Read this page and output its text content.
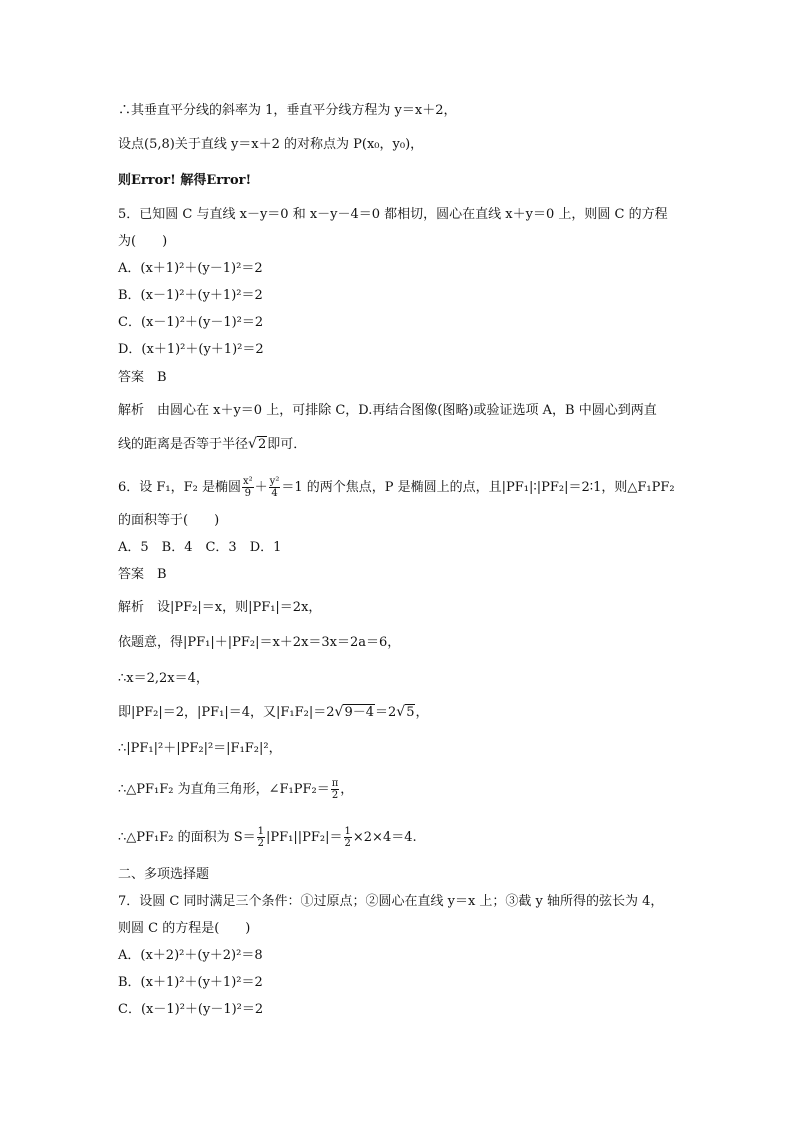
∴其垂直平分线的斜率为 1，垂直平分线方程为 y＝x＋2，
设点(5,8)关于直线 y＝x＋2 的对称点为 P(x₀，y₀)，
则Error! 解得Error!
5．已知圆 C 与直线 x－y＝0 和 x－y－4＝0 都相切，圆心在直线 x＋y＝0 上，则圆 C 的方程
为(　　)
A．(x＋1)²＋(y－1)²＝2
B．(x－1)²＋(y＋1)²＝2
C．(x－1)²＋(y－1)²＝2
D．(x＋1)²＋(y＋1)²＝2
答案　B
解析　由圆心在 x＋y＝0 上，可排除 C，D.再结合图像(图略)或验证选项 A，B 中圆心到两直
线的距离是否等于半径 √ 2 即可．
6．设 F₁，F₂ 是椭圆 $\frac{\text{x²}}{9} + \frac{\text{y²}}{4} =1$ 的两个焦点，P 是椭圆上的点，且|PF₁|∶|PF₂|＝2∶1，则△F₁PF₂
的面积等于(　　)
A．5　B．4　C．3　D．1
答案　B
解析　设|PF₂|＝x，则|PF₁|＝2x，
依题意，得|PF₁|＋|PF₂|＝x＋2x＝3x＝2a＝6，
∴x＝2,2x＝4，
即|PF₂|＝2，|PF₁|＝4，又|F₁F₂|＝2 √ 9－4 ＝2 √ 5 ，
∴|PF₁|²＋|PF₂|²＝|F₁F₂|²，
∴△PF₁F₂ 为直角三角形，∠F₁PF₂＝ $\frac{\pi}{2}$ ，
∴△PF₁F₂ 的面积为 $S= \frac{1}{2} |PF_1||PF_2|= \frac{1}{2} \times 2\times 4=4$.
二、多项选择题
7．设圆 C 同时满足三个条件：①过原点；②圆心在直线 y＝x 上；③截 y 轴所得的弦长为 4，
则圆 C 的方程是(　　)
A．(x＋2)²＋(y＋2)²＝8
B．(x＋1)²＋(y＋1)²＝2
C．(x－1)²＋(y－1)²＝2
